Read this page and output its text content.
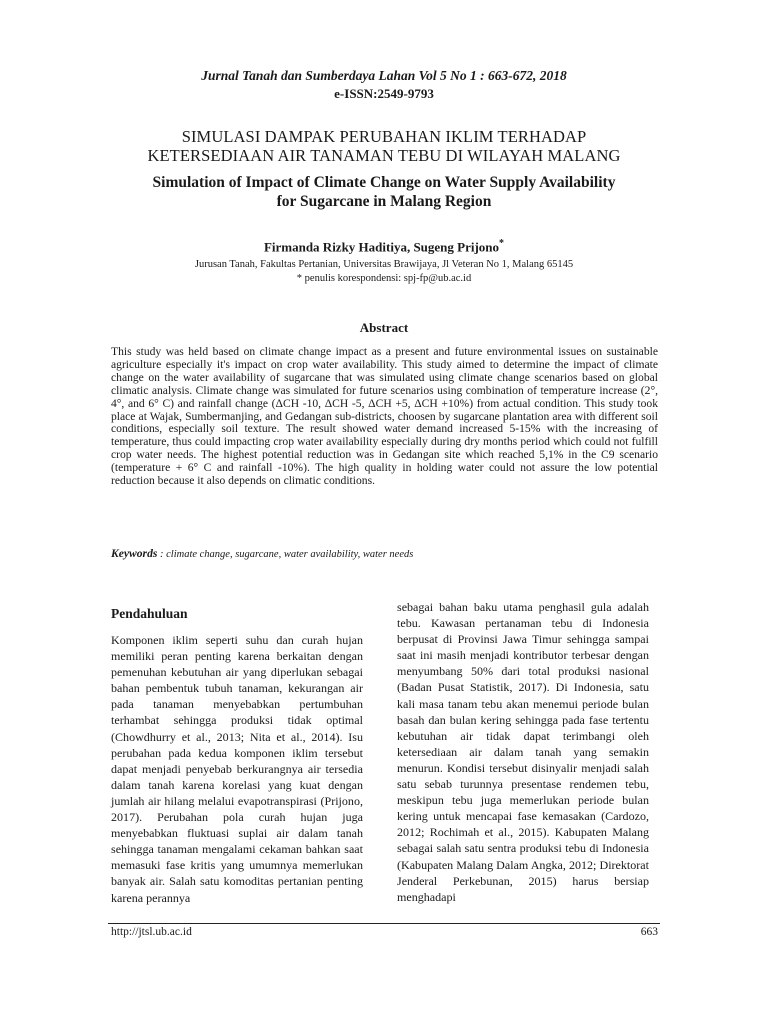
Jurnal Tanah dan Sumberdaya Lahan Vol 5 No 1 : 663-672, 2018
e-ISSN:2549-9793
SIMULASI DAMPAK PERUBAHAN IKLIM TERHADAP
KETERSEDIAAN AIR TANAMAN TEBU DI WILAYAH MALANG
Simulation of Impact of Climate Change on Water Supply Availability
for Sugarcane in Malang Region
Firmanda Rizky Haditiya, Sugeng Prijono*
Jurusan Tanah, Fakultas Pertanian, Universitas Brawijaya, Jl Veteran No 1, Malang 65145
* penulis korespondensi: spj-fp@ub.ac.id
Abstract
This study was held based on climate change impact as a present and future environmental issues on sustainable agriculture especially it's impact on crop water availability. This study aimed to determine the impact of climate change on the water availability of sugarcane that was simulated using climate change scenarios based on global climatic analysis. Climate change was simulated for future scenarios using combination of temperature increase (2°, 4°, and 6° C) and rainfall change (ΔCH -10, ΔCH -5, ΔCH +5, ΔCH +10%) from actual condition. This study took place at Wajak, Sumbermanjing, and Gedangan sub-districts, choosen by sugarcane plantation area with different soil conditions, especially soil texture. The result showed water demand increased 5-15% with the increasing of temperature, thus could impacting crop water availability especially during dry months period which could not fulfill crop water needs. The highest potential reduction was in Gedangan site which reached 5,1% in the C9 scenario (temperature + 6° C and rainfall -10%). The high quality in holding water could not assure the low potential reduction because it also depends on climatic conditions.
Keywords : climate change, sugarcane, water availability, water needs
Pendahuluan
Komponen iklim seperti suhu dan curah hujan memiliki peran penting karena berkaitan dengan pemenuhan kebutuhan air yang diperlukan sebagai bahan pembentuk tubuh tanaman, kekurangan air pada tanaman menyebabkan pertumbuhan terhambat sehingga produksi tidak optimal (Chowdhurry et al., 2013; Nita et al., 2014). Isu perubahan pada kedua komponen iklim tersebut dapat menjadi penyebab berkurangnya air tersedia dalam tanah karena korelasi yang kuat dengan jumlah air hilang melalui evapotranspirasi (Prijono, 2017). Perubahan pola curah hujan juga menyebabkan fluktuasi suplai air dalam tanah sehingga tanaman mengalami cekaman bahkan saat memasuki fase kritis yang umumnya memerlukan banyak air. Salah satu komoditas pertanian penting karena perannya
sebagai bahan baku utama penghasil gula adalah tebu. Kawasan pertanaman tebu di Indonesia berpusat di Provinsi Jawa Timur sehingga sampai saat ini masih menjadi kontributor terbesar dengan menyumbang 50% dari total produksi nasional (Badan Pusat Statistik, 2017). Di Indonesia, satu kali masa tanam tebu akan menemui periode bulan basah dan bulan kering sehingga pada fase tertentu kebutuhan air tidak dapat terimbangi oleh ketersediaan air dalam tanah yang semakin menurun. Kondisi tersebut disinyalir menjadi salah satu sebab turunnya presentase rendemen tebu, meskipun tebu juga memerlukan periode bulan kering untuk mencapai fase kemasakan (Cardozo, 2012; Rochimah et al., 2015). Kabupaten Malang sebagai salah satu sentra produksi tebu di Indonesia (Kabupaten Malang Dalam Angka, 2012; Direktorat Jenderal Perkebunan, 2015) harus bersiap menghadapi
http://jtsl.ub.ac.id	663
